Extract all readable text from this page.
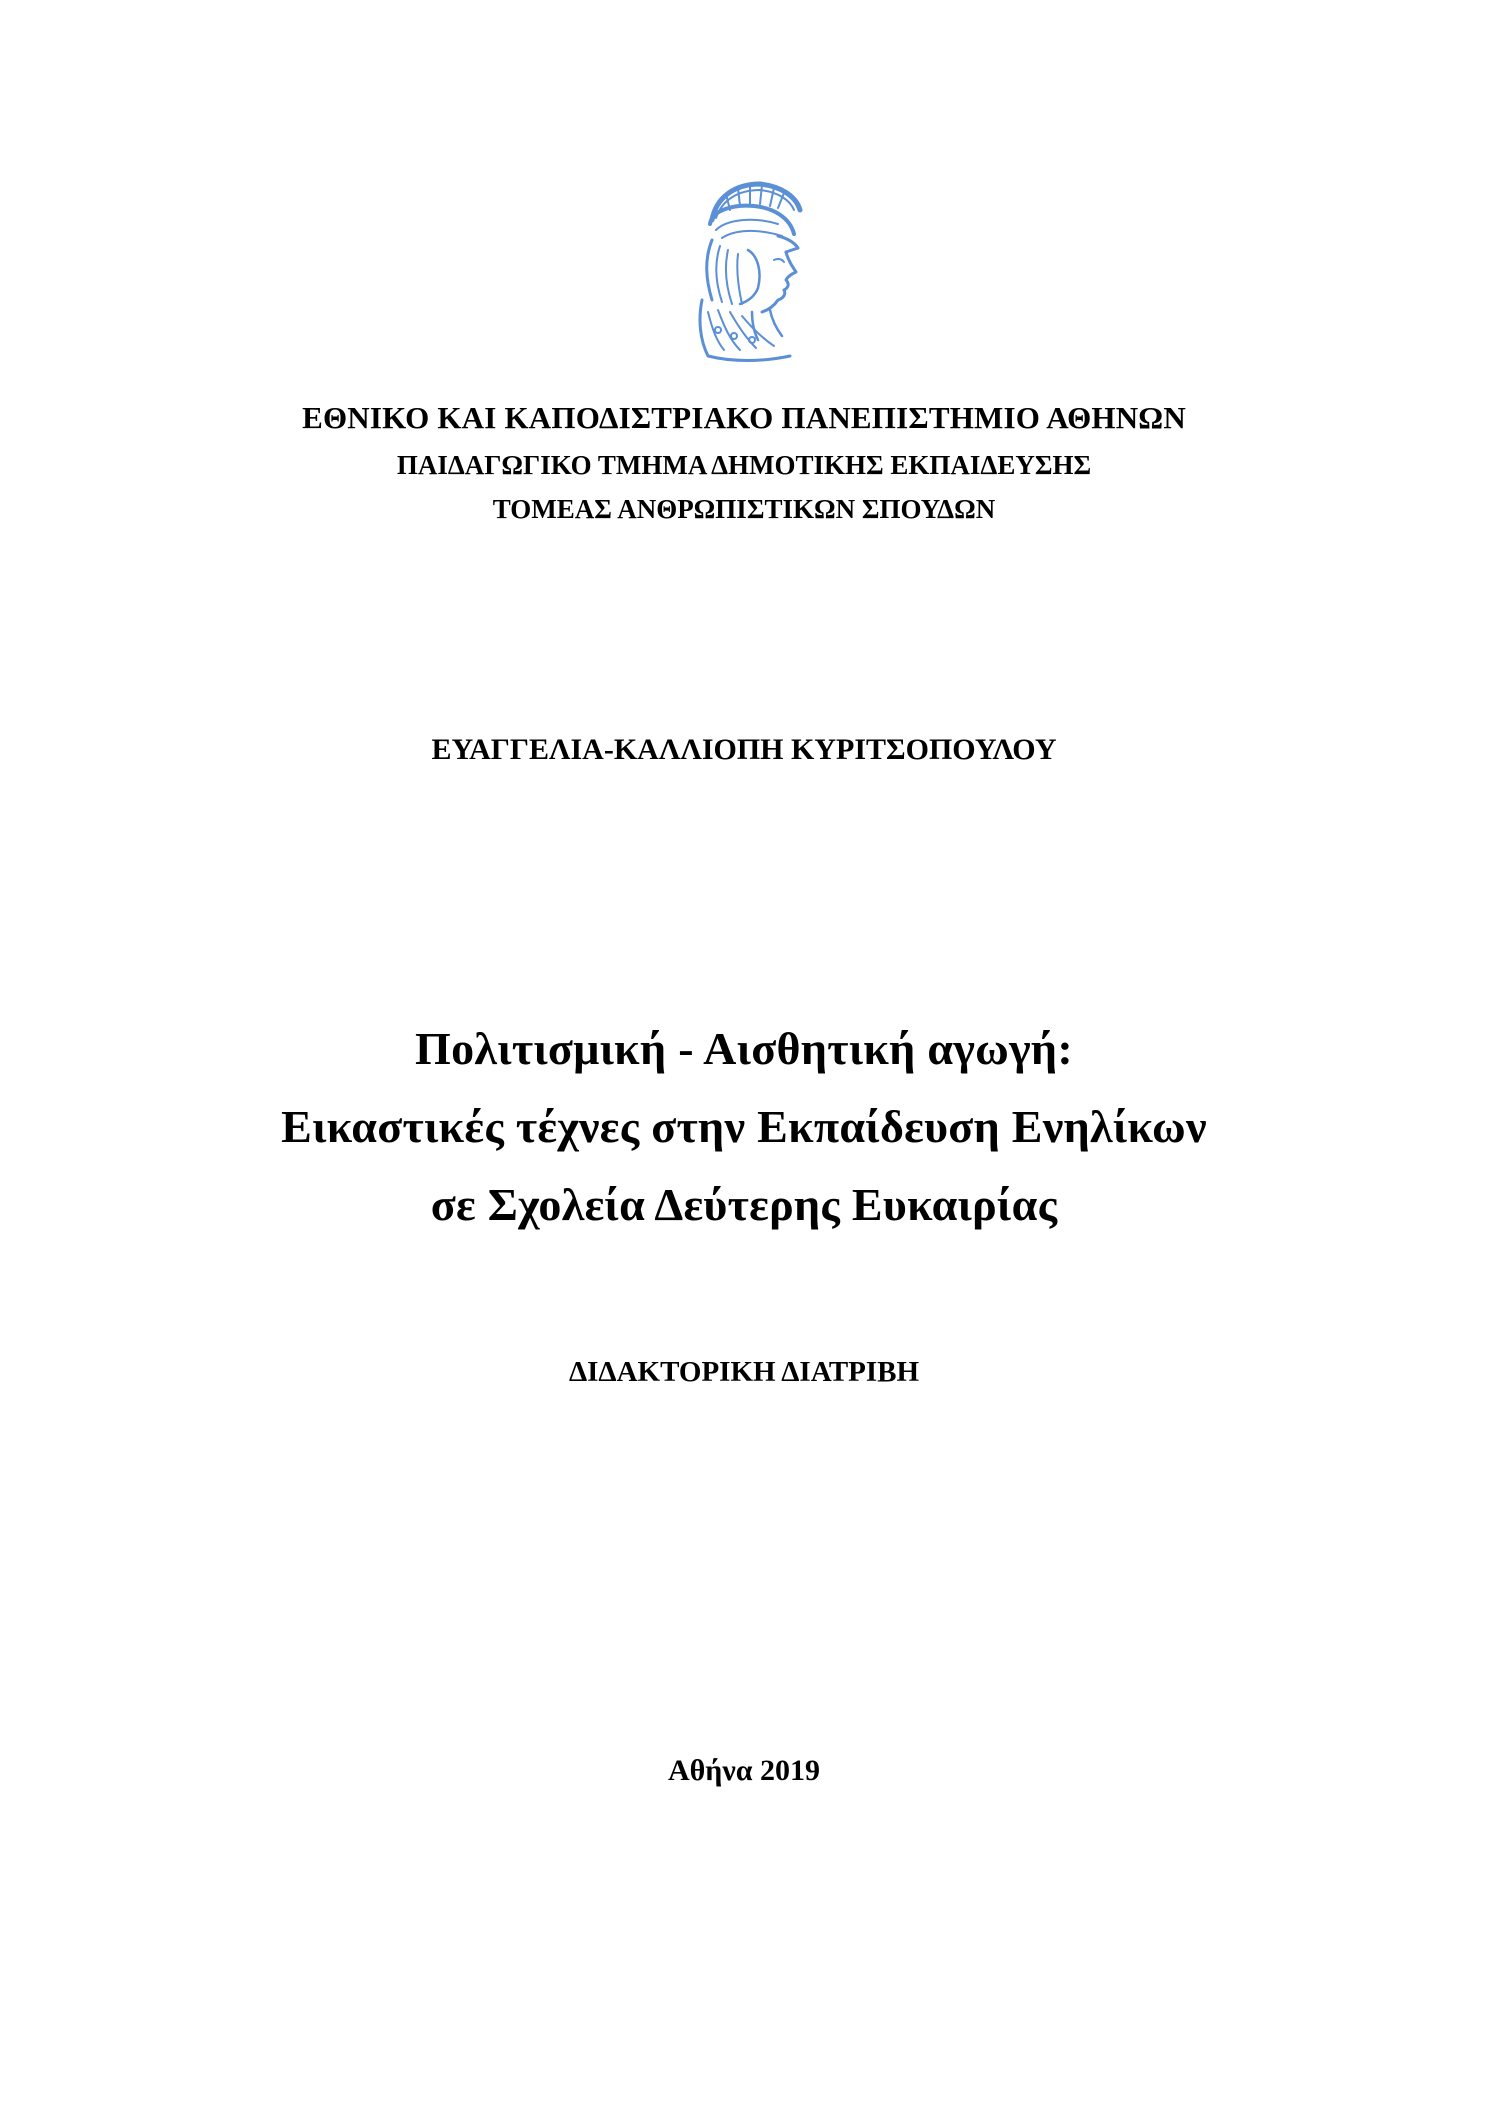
ΕΘΝΙΚΟ ΚΑΙ ΚΑΠΟΔΙΣΤΡΙΑΚΟ ΠΑΝΕΠΙΣΤΗΜΙΟ ΑΘΗΝΩΝ
ΠΑΙΔΑΓΩΓΙΚΟ ΤΜΗΜΑ ΔΗΜΟΤΙΚΗΣ ΕΚΠΑΙΔΕΥΣΗΣ
ΤΟΜΕΑΣ ΑΝΘΡΩΠΙΣΤΙΚΩΝ ΣΠΟΥΔΩΝ
ΕΥΑΓΓΕΛΙΑ-ΚΑΛΛΙΟΠΗ ΚΥΡΙΤΣΟΠΟΥΛΟΥ
Πολιτισμική - Αισθητική αγωγή:
Εικαστικές τέχνες στην Εκπαίδευση Ενηλίκων
σε Σχολεία Δεύτερης Ευκαιρίας
ΔΙΔΑΚΤΟΡΙΚΗ ΔΙΑΤΡΙΒΗ
Αθήνα 2019
